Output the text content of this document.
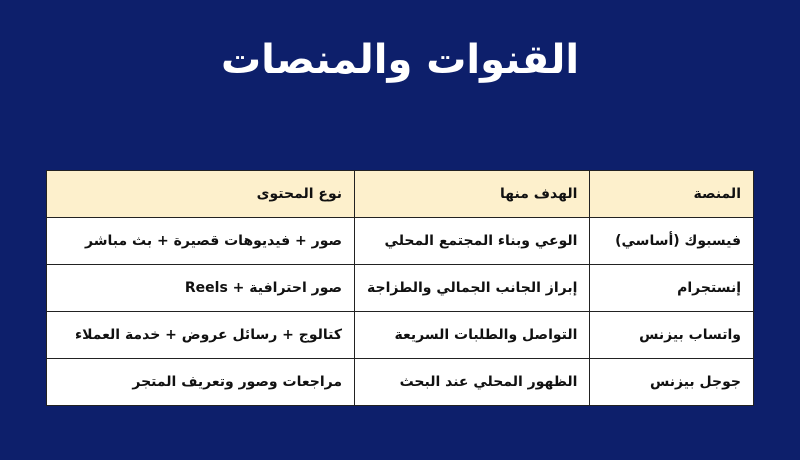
القنوات والمنصات
المنصة	الهدف منها	نوع المحتوى
فيسبوك (أساسي)	الوعي وبناء المجتمع المحلي	صور + فيديوهات قصيرة + بث مباشر
إنستجرام	إبراز الجانب الجمالي والطزاجة	صور احترافية + Reels
واتساب بيزنس	التواصل والطلبات السريعة	كتالوج + رسائل عروض + خدمة العملاء
جوجل بيزنس	الظهور المحلي عند البحث	مراجعات وصور وتعريف المتجر
